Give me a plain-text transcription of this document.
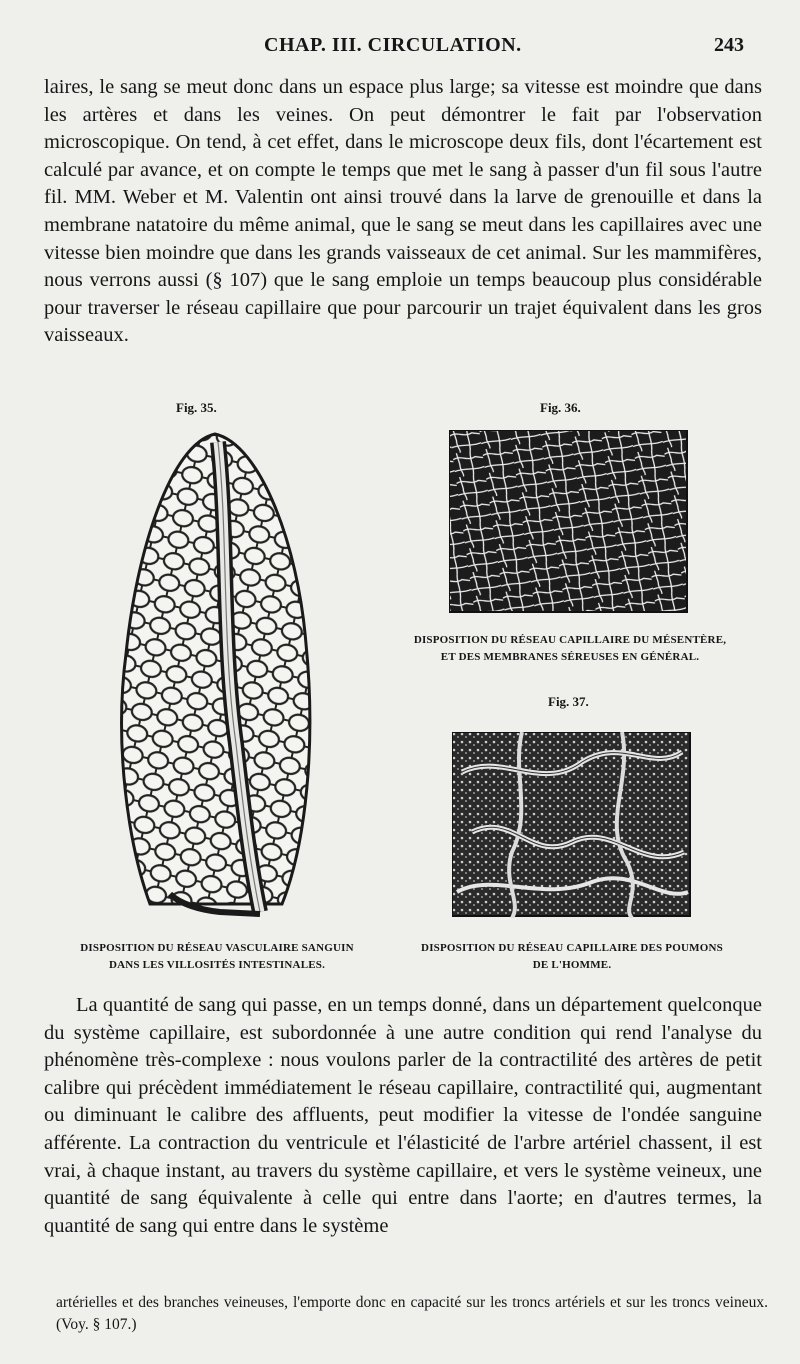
CHAP. III. CIRCULATION.	243

laires, le sang se meut donc dans un espace plus large; sa vitesse est moindre que dans les artères et dans les veines. On peut démontrer le fait par l'observation microscopique. On tend, à cet effet, dans le microscope deux fils, dont l'écartement est calculé par avance, et on compte le temps que met le sang à passer d'un fil sous l'autre fil. MM. Weber et M. Valentin ont ainsi trouvé dans la larve de grenouille et dans la membrane natatoire du même animal, que le sang se meut dans les capillaires avec une vitesse bien moindre que dans les grands vaisseaux de cet animal. Sur les mammifères, nous verrons aussi (§ 107) que le sang emploie un temps beaucoup plus considérable pour traverser le réseau capillaire que pour parcourir un trajet équivalent dans les gros vaisseaux.

Fig. 35.
DISPOSITION DU RÉSEAU VASCULAIRE SANGUIN
DANS LES VILLOSITÉS INTESTINALES.
Fig. 36.
DISPOSITION DU RÉSEAU CAPILLAIRE DU MÉSENTÈRE,
ET DES MEMBRANES SÉREUSES EN GÉNÉRAL.
Fig. 37.
DISPOSITION DU RÉSEAU CAPILLAIRE DES POUMONS
DE L'HOMME.

La quantité de sang qui passe, en un temps donné, dans un département quelconque du système capillaire, est subordonnée à une autre condition qui rend l'analyse du phénomène très-complexe : nous voulons parler de la contractilité des artères de petit calibre qui précèdent immédiatement le réseau capillaire, contractilité qui, augmentant ou diminuant le calibre des affluents, peut modifier la vitesse de l'ondée sanguine afférente. La contraction du ventricule et l'élasticité de l'arbre artériel chassent, il est vrai, à chaque instant, au travers du système capillaire, et vers le système veineux, une quantité de sang équivalente à celle qui entre dans l'aorte; en d'autres termes, la quantité de sang qui entre dans le système

artérielles et des branches veineuses, l'emporte donc en capacité sur les troncs artériels et sur les troncs veineux. (Voy. § 107.)
